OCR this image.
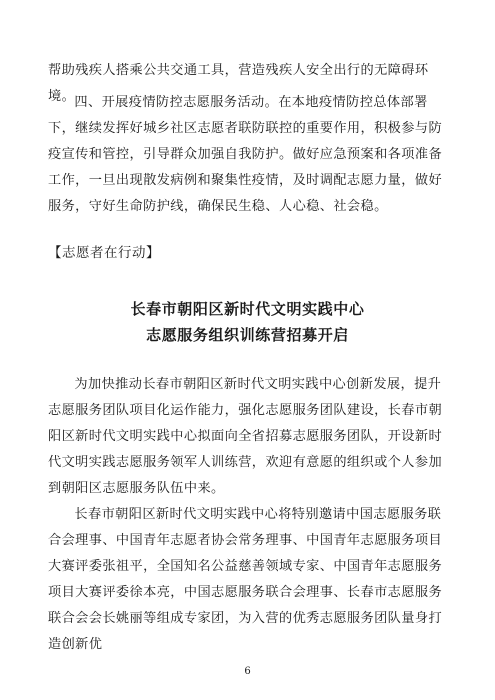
帮助残疾人搭乘公共交通工具，营造残疾人安全出行的无障碍环境。 四、开展疫情防控志愿服务活动。在本地疫情防控总体部署下，继续发挥好城乡社区志愿者联防联控的重要作用，积极参与防疫宣传和管控，引导群众加强自我防护。做好应急预案和各项准备工作，一旦出现散发病例和聚集性疫情，及时调配志愿力量，做好服务，守好生命防护线，确保民生稳、人心稳、社会稳。

【志愿者在行动】
长春市朝阳区新时代文明实践中心
志愿服务组织训练营招募开启

为加快推动长春市朝阳区新时代文明实践中心创新发展，提升志愿服务团队项目化运作能力，强化志愿服务团队建设，长春市朝阳区新时代文明实践中心拟面向全省招募志愿服务团队，开设新时代文明实践志愿服务领军人训练营，欢迎有意愿的组织或个人参加到朝阳区志愿服务队伍中来。

长春市朝阳区新时代文明实践中心将特别邀请中国志愿服务联合会理事、中国青年志愿者协会常务理事、中国青年志愿服务项目大赛评委张祖平，全国知名公益慈善领域专家、中国青年志愿服务项目大赛评委徐本亮，中国志愿服务联合会理事、长春市志愿服务联合会会长姚丽等组成专家团，为入营的优秀志愿服务团队量身打造创新优

6
